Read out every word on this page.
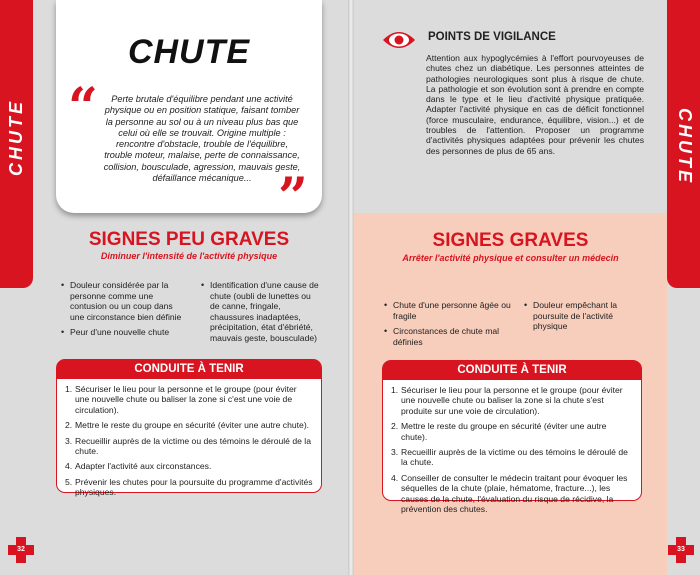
CHUTE	CHUTE
CHUTE
“	Perte brutale d'équilibre pendant une activité physique ou en position statique, faisant tomber la personne au sol ou à un niveau plus bas que celui où elle se trouvait. Origine multiple : rencontre d'obstacle, trouble de l'équilibre, trouble moteur, malaise, perte de connaissance, collision, bousculade, agression, mauvais geste, défaillance mécanique... ”
SIGNES PEU GRAVES
Diminuer l'intensité de l'activité physique
• Douleur considérée par la personne comme une contusion ou un coup dans une circonstance bien définie
• Peur d'une nouvelle chute
• Identification d'une cause de chute (oubli de lunettes ou de canne, fringale, chaussures inadaptées, précipitation, état d'ébriété, mauvais geste, bousculade)
CONDUITE À TENIR
1. Sécuriser le lieu pour la personne et le groupe (pour éviter une nouvelle chute ou baliser la zone si c'est une voie de circulation).
2. Mettre le reste du groupe en sécurité (éviter une autre chute).
3. Recueillir auprès de la victime ou des témoins le déroulé de la chute.
4. Adapter l'activité aux circonstances.
5. Prévenir les chutes pour la poursuite du programme d'activités physiques.
32
POINTS DE VIGILANCE
Attention aux hypoglycémies à l'effort pourvoyeuses de chutes chez un diabétique. Les personnes atteintes de pathologies neurologiques sont plus à risque de chute. La pathologie et son évolution sont à prendre en compte dans le type et le lieu d'activité physique pratiquée. Adapter l'activité physique en cas de déficit fonctionnel (force musculaire, endurance, équilibre, vision...) et de troubles de l'attention. Proposer un programme d'activités physiques adaptées pour prévenir les chutes des personnes de plus de 65 ans.
SIGNES GRAVES
Arrêter l'activité physique et consulter un médecin
• Chute d'une personne âgée ou fragile
• Circonstances de chute mal définies
• Douleur empêchant la poursuite de l'activité physique
CONDUITE À TENIR
1. Sécuriser le lieu pour la personne et le groupe (pour éviter une nouvelle chute ou baliser la zone si la chute s'est produite sur une voie de circulation).
2. Mettre le reste du groupe en sécurité (éviter une autre chute).
3. Recueillir auprès de la victime ou des témoins le déroulé de la chute.
4. Conseiller de consulter le médecin traitant pour évoquer les séquelles de la chute (plaie, hématome, fracture...), les causes de la chute, l'évaluation du risque de récidive, la prévention des chutes.
33
